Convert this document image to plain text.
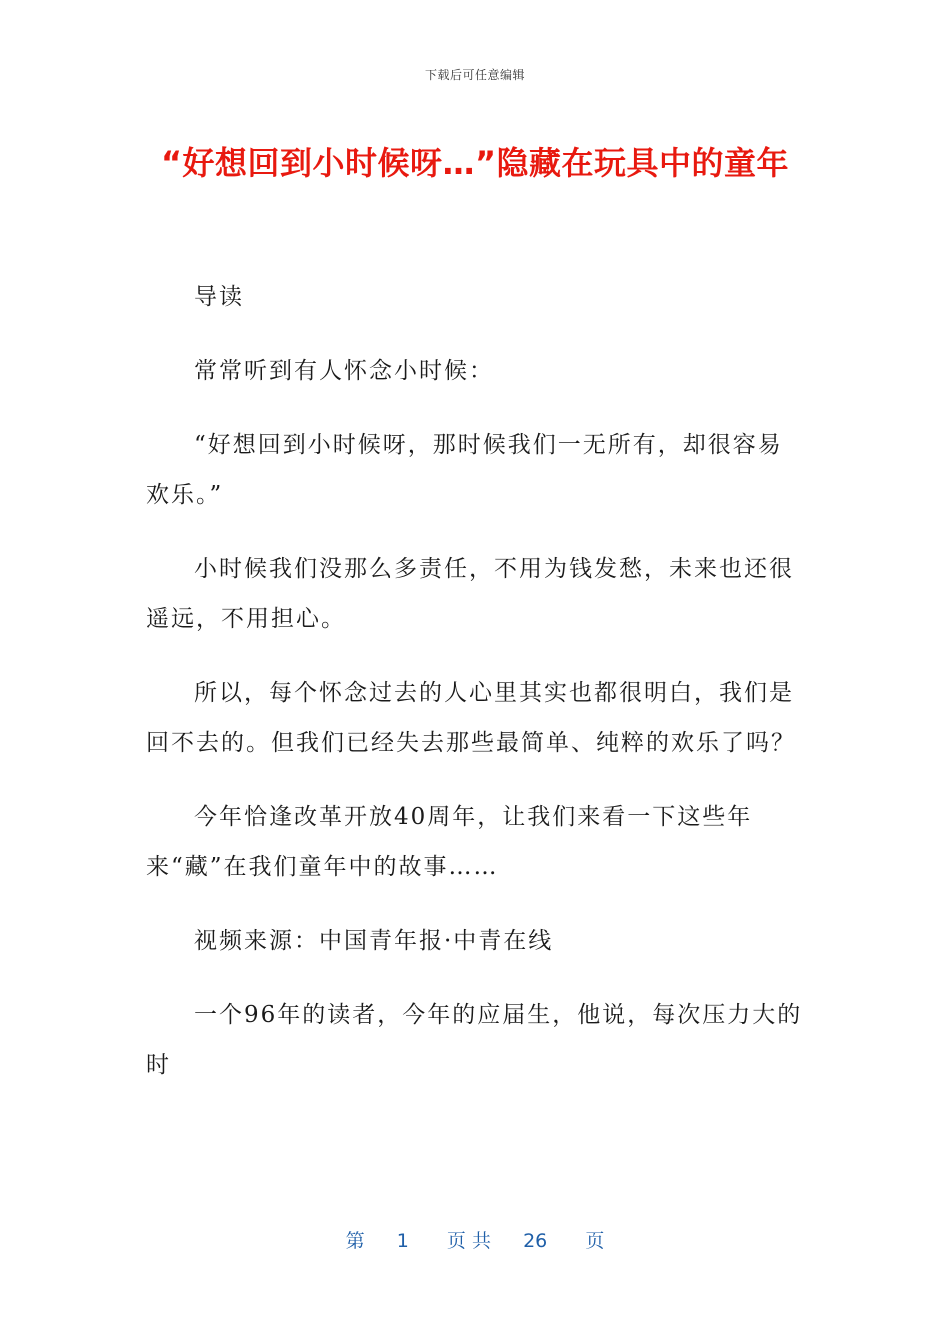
下载后可任意编辑
“好想回到小时候呀…”隐藏在玩具中的童年

导读

常常听到有人怀念小时候：

“好想回到小时候呀，那时候我们一无所有，却很容易欢乐。”

小时候我们没那么多责任，不用为钱发愁，未来也还很遥远，不用担心。

所以，每个怀念过去的人心里其实也都很明白，我们是回不去的。但我们已经失去那些最简单、纯粹的欢乐了吗？

今年恰逢改革开放40周年，让我们来看一下这些年来“藏”在我们童年中的故事……

视频来源：中国青年报·中青在线

一个96年的读者，今年的应届生，他说，每次压力大的时

第 1 页 共 26 页
